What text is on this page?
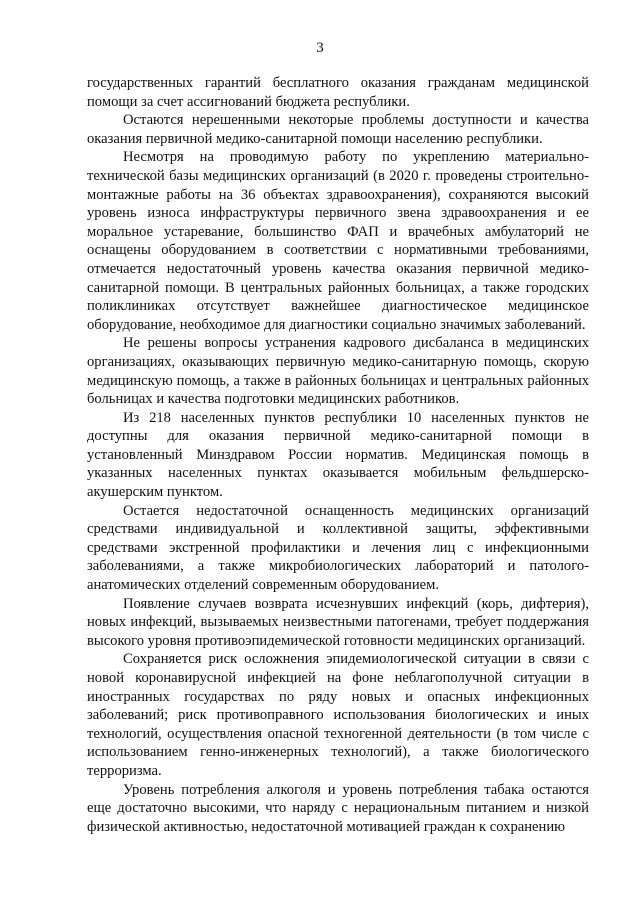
3

государственных гарантий бесплатного оказания гражданам медицинской помощи за счет ассигнований бюджета республики.

Остаются нерешенными некоторые проблемы доступности и качества оказания первичной медико-санитарной помощи населению республики.

Несмотря на проводимую работу по укреплению материально-технической базы медицинских организаций (в 2020 г. проведены строительно-монтажные работы на 36 объектах здравоохранения), сохраняются высокий уровень износа инфраструктуры первичного звена здравоохранения и ее моральное устаревание, большинство ФАП и врачебных амбулаторий не оснащены оборудованием в соответствии с нормативными требованиями, отмечается недостаточный уровень качества оказания первичной медико-санитарной помощи. В центральных районных больницах, а также городских поликлиниках отсутствует важнейшее диагностическое медицинское оборудование, необходимое для диагностики социально значимых заболеваний.

Не решены вопросы устранения кадрового дисбаланса в медицинских организациях, оказывающих первичную медико-санитарную помощь, скорую медицинскую помощь, а также в районных больницах и центральных районных больницах и качества подготовки медицинских работников.

Из 218 населенных пунктов республики 10 населенных пунктов не доступны для оказания первичной медико-санитарной помощи в установленный Минздравом России норматив. Медицинская помощь в указанных населенных пунктах оказывается мобильным фельдшерско-акушерским пунктом.

Остается недостаточной оснащенность медицинских организаций средствами индивидуальной и коллективной защиты, эффективными средствами экстренной профилактики и лечения лиц с инфекционными заболеваниями, а также микробиологических лабораторий и патолого-анатомических отделений современным оборудованием.

Появление случаев возврата исчезнувших инфекций (корь, дифтерия), новых инфекций, вызываемых неизвестными патогенами, требует поддержания высокого уровня противоэпидемической готовности медицинских организаций.

Сохраняется риск осложнения эпидемиологической ситуации в связи с новой коронавирусной инфекцией на фоне неблагополучной ситуации в иностранных государствах по ряду новых и опасных инфекционных заболеваний; риск противоправного использования биологических и иных технологий, осуществления опасной техногенной деятельности (в том числе с использованием генно-инженерных технологий), а также биологического терроризма.

Уровень потребления алкоголя и уровень потребления табака остаются еще достаточно высокими, что наряду с нерациональным питанием и низкой физической активностью, недостаточной мотивацией граждан к сохранению
